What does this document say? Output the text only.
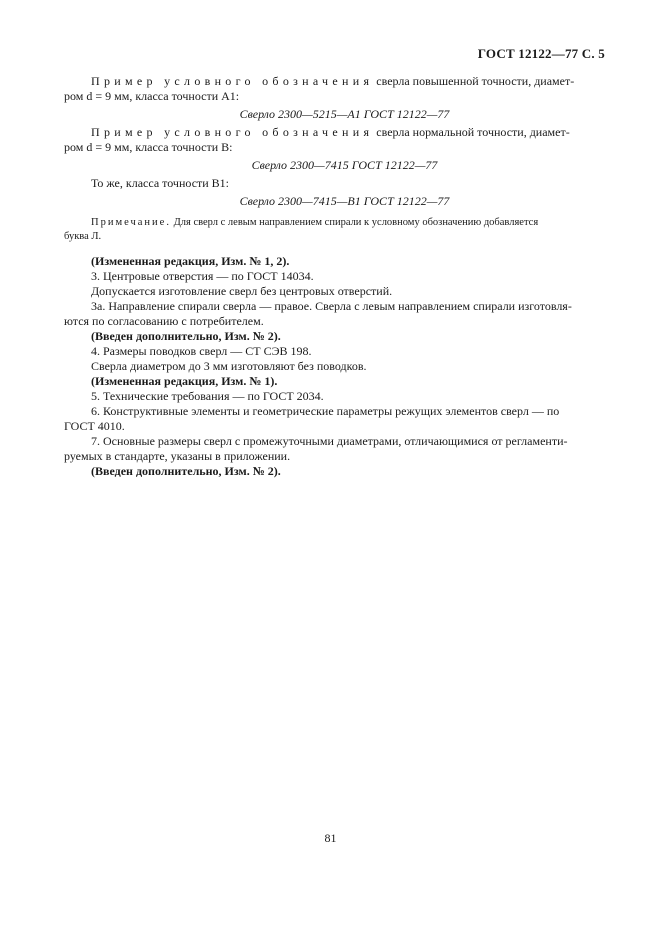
ГОСТ 12122—77 С. 5

Пример условного обозначения сверла повышенной точности, диамет-

ром d = 9 мм, класса точности А1:

Сверло 2300—5215—А1 ГОСТ 12122—77

Пример условного обозначения сверла нормальной точности, диамет-

ром d = 9 мм, класса точности В:

Сверло 2300—7415 ГОСТ 12122—77

То же, класса точности В1:

Сверло 2300—7415—В1 ГОСТ 12122—77

Примечание. Для сверл с левым направлением спирали к условному обозначению добавляется

буква Л.

(Измененная редакция, Изм. № 1, 2).

3. Центровые отверстия — по ГОСТ 14034.

Допускается изготовление сверл без центровых отверстий.

3а. Направление спирали сверла — правое. Сверла с левым направлением спирали изготовля-

ются по согласованию с потребителем.

(Введен дополнительно, Изм. № 2).

4. Размеры поводков сверл — СТ СЭВ 198.

Сверла диаметром до 3 мм изготовляют без поводков.

(Измененная редакция, Изм. № 1).

5. Технические требования — по ГОСТ 2034.

6. Конструктивные элементы и геометрические параметры режущих элементов сверл — по

ГОСТ 4010.

7. Основные размеры сверл с промежуточными диаметрами, отличающимися от регламенти-

руемых в стандарте, указаны в приложении.

(Введен дополнительно, Изм. № 2).

81
